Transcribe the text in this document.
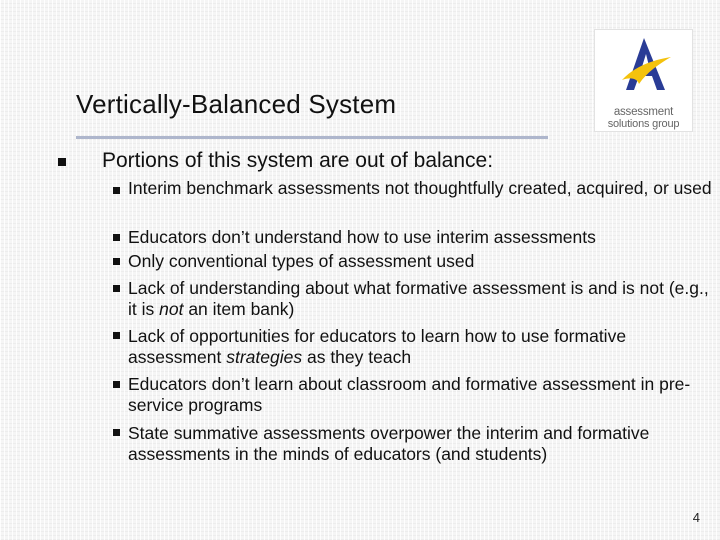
Vertically-Balanced System	assessment
solutions group
Portions of this system are out of balance:
Interim benchmark assessments not thoughtfully created, acquired, or used
Educators don’t understand how to use interim assessments
Only conventional types of assessment used
Lack of understanding about what formative assessment is and is not (e.g., it is not an item bank)
Lack of opportunities for educators to learn how to use formative assessment strategies as they teach
Educators don’t learn about classroom and formative assessment in pre-service programs
State summative assessments overpower the interim and formative assessments in the minds of educators (and students)
4
